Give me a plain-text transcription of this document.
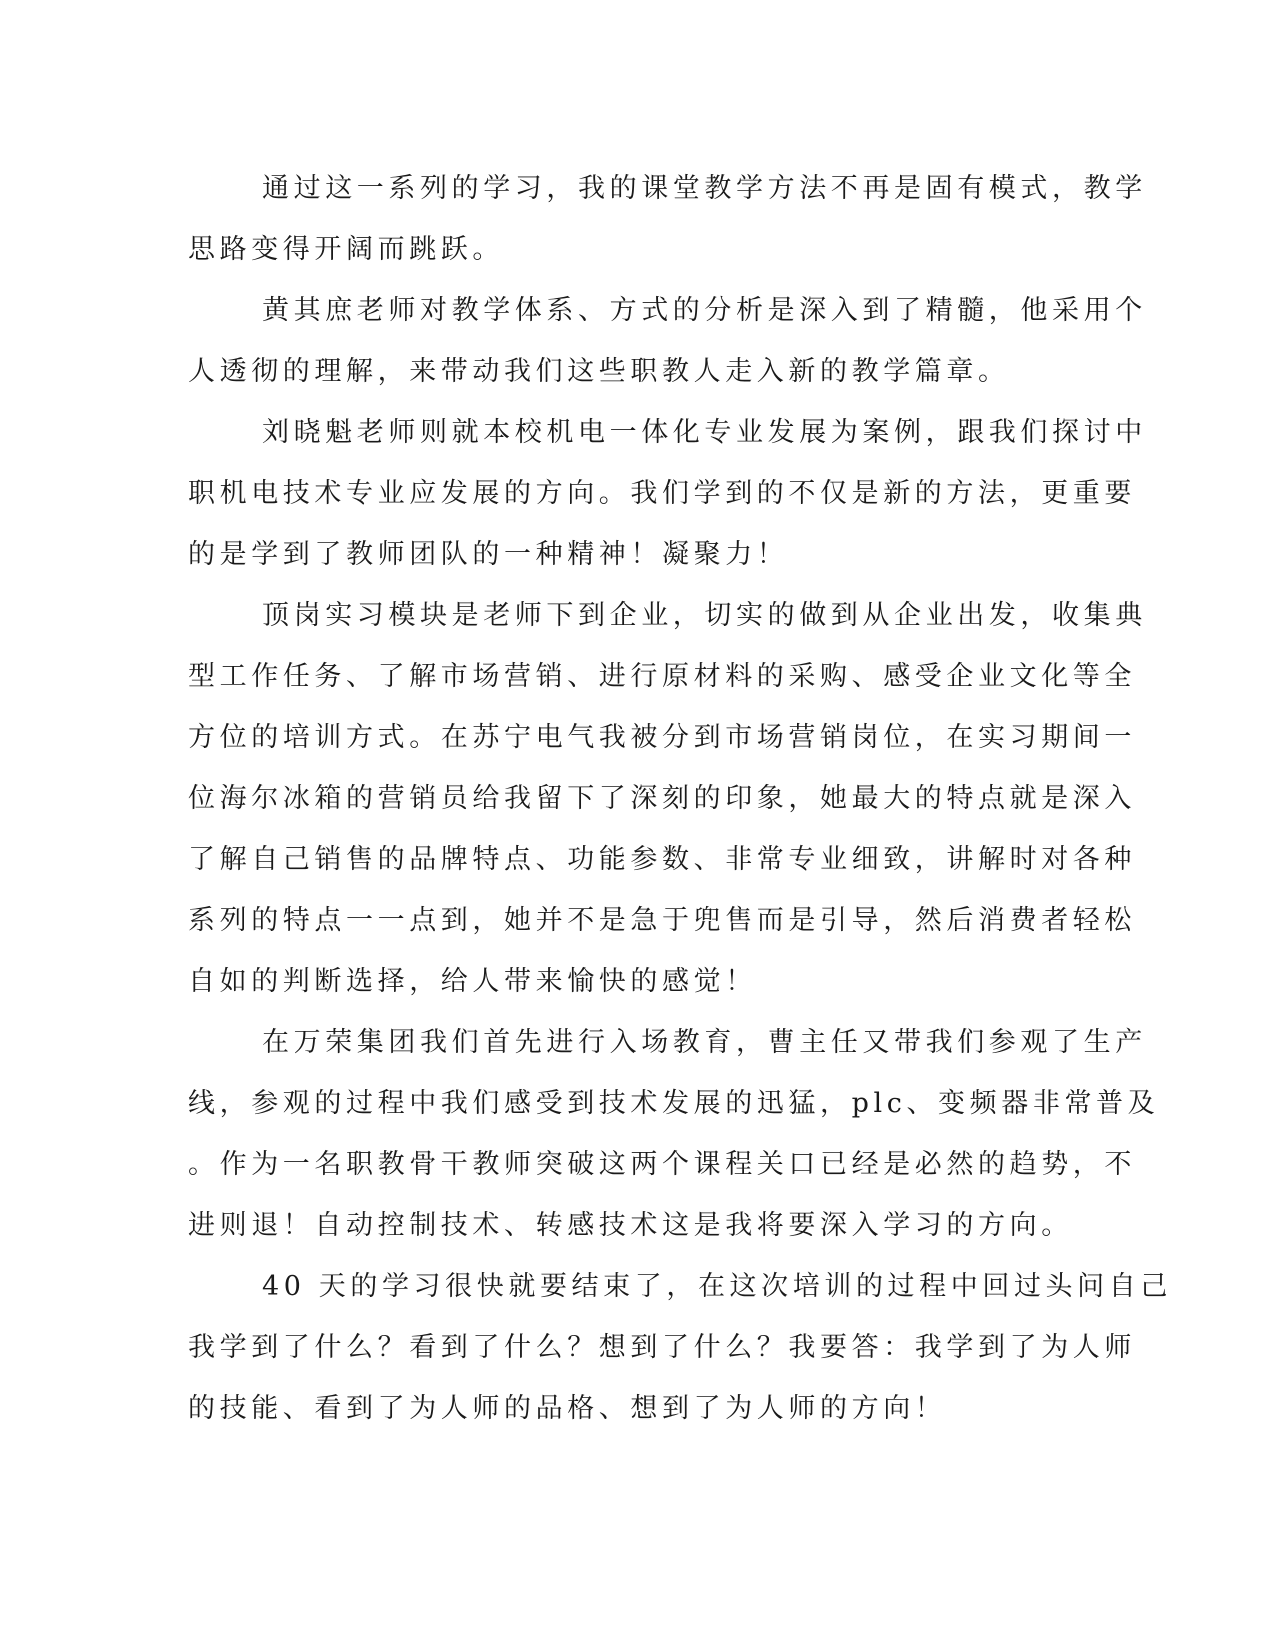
通过这一系列的学习，我的课堂教学方法不再是固有模式，教学
思路变得开阔而跳跃。
黄其庶老师对教学体系、方式的分析是深入到了精髓，他采用个
人透彻的理解，来带动我们这些职教人走入新的教学篇章。
刘晓魁老师则就本校机电一体化专业发展为案例，跟我们探讨中
职机电技术专业应发展的方向。我们学到的不仅是新的方法，更重要
的是学到了教师团队的一种精神！凝聚力！
顶岗实习模块是老师下到企业，切实的做到从企业出发，收集典
型工作任务、了解市场营销、进行原材料的采购、感受企业文化等全
方位的培训方式。在苏宁电气我被分到市场营销岗位，在实习期间一
位海尔冰箱的营销员给我留下了深刻的印象，她最大的特点就是深入
了解自己销售的品牌特点、功能参数、非常专业细致，讲解时对各种
系列的特点一一点到，她并不是急于兜售而是引导，然后消费者轻松
自如的判断选择，给人带来愉快的感觉！
在万荣集团我们首先进行入场教育，曹主任又带我们参观了生产
线，参观的过程中我们感受到技术发展的迅猛，plc、变频器非常普及
。作为一名职教骨干教师突破这两个课程关口已经是必然的趋势，不
进则退！自动控制技术、转感技术这是我将要深入学习的方向。
40 天的学习很快就要结束了，在这次培训的过程中回过头问自己
我学到了什么？看到了什么？想到了什么？我要答：我学到了为人师
的技能、看到了为人师的品格、想到了为人师的方向！
